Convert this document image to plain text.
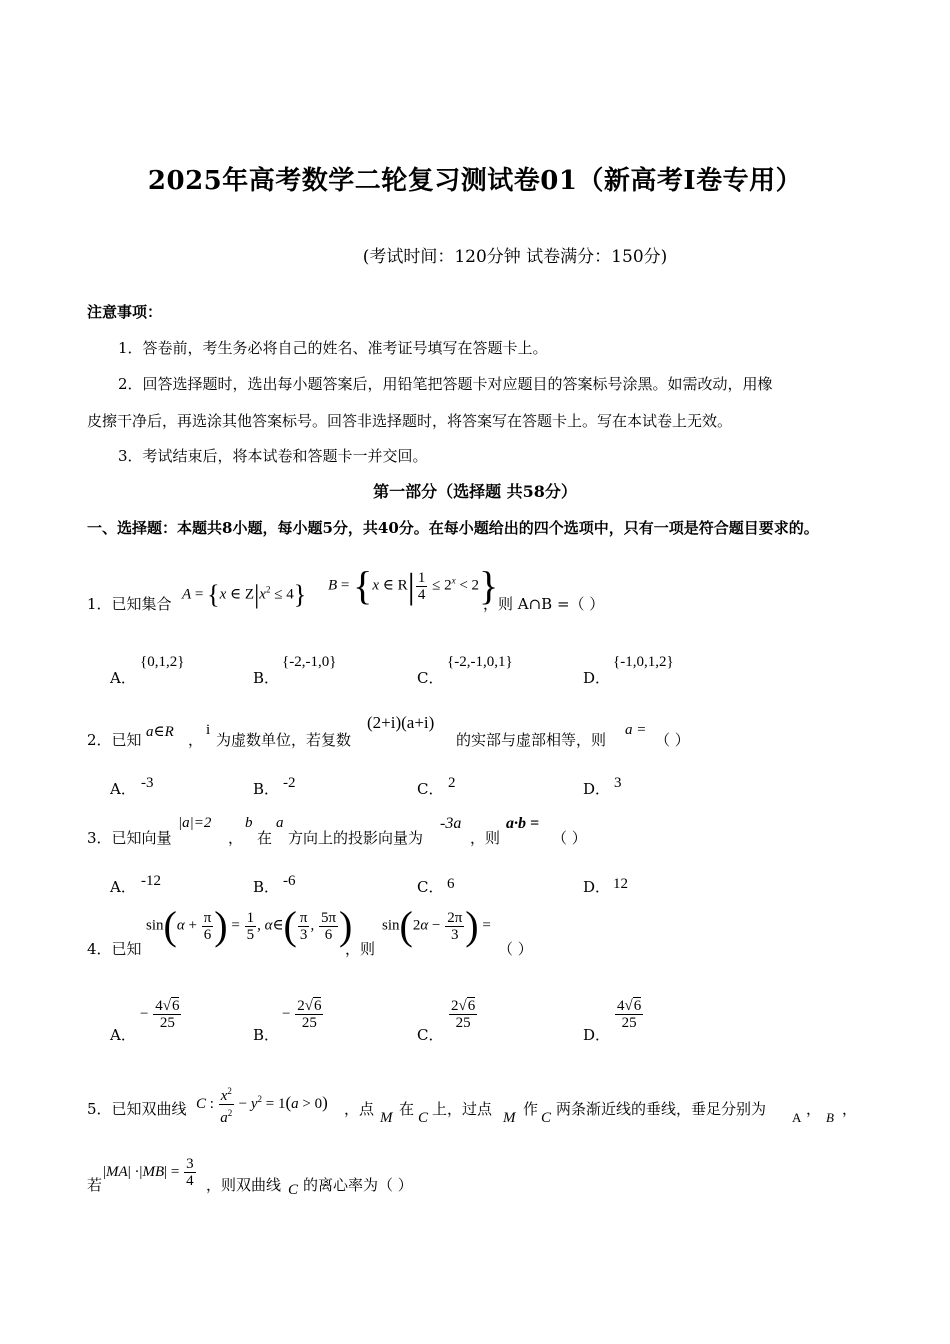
2025年高考数学二轮复习测试卷01（新高考Ⅰ卷专用）
(考试时间：120分钟 试卷满分：150分)
注意事项：
1．答卷前，考生务必将自己的姓名、准考证号填写在答题卡上。
2．回答选择题时，选出每小题答案后，用铅笔把答题卡对应题目的答案标号涂黑。如需改动，用橡
皮擦干净后，再选涂其他答案标号。回答非选择题时，将答案写在答题卡上。写在本试卷上无效。
3．考试结束后，将本试卷和答题卡一并交回。
第一部分（选择题 共58分）
一、选择题：本题共8小题，每小题5分，共40分。在每小题给出的四个选项中，只有一项是符合题目要求的。
1．已知集合
A = {x ∈ $Z|x^2 \le 4$} B = {x ∈ $R| \frac{1}{4} \le 2^x < 2$}
，则 A∩B =（ ）
A．
{0,1,2}
B．
{-2,-1,0}
C．
{-2,-1,0,1}
D．
{-1,0,1,2}
2．已知 a∈R ，
i
为虚数单位，若复数
(2+i)(a+i)
的实部与虚部相等，则
a =
（ ）
A． -3	B． -2	C． 2	D． 3
3．已知向量
|a|=2
，
b
在
a
方向上的投影向量为
-3a
，则
a·b =
（ ）
A． -12	B． -6	C． 6	D． 12
4．已知
$\sin(\alpha + \frac{\pi}{6}$ ) = $\frac{1}{5}$ , α∈( $\frac{\pi}{3}$ , $\frac{5\pi}{6}$ )
，则
$\sin(2\alpha - \frac{2\pi}{3}$ ) =
（ ）
A．
− $\frac{4√6}{25}$
B．
− $\frac{2√6}{25}$
C．
$\frac{2√6}{25}$
D．
$\frac{4√6}{25}$
5．已知双曲线 C : $\frac{x^2}{a^2} - y^2 = 1(a > 0)$ ，点 M 在 C 上，过点 M 作 C 两条渐近线的垂线，垂足分别为 A ， B ，
若
$|MA| \cdot|MB| = \frac{3}{4}$ ，则双曲线 C 的离心率为（ ）
